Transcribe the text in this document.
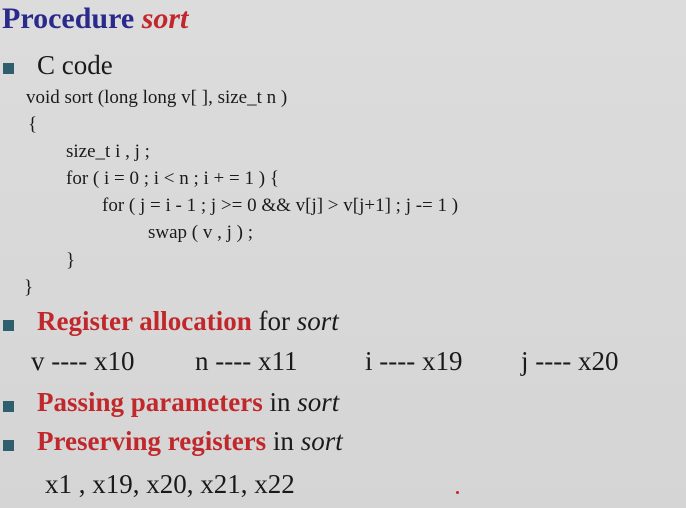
Procedure sort
C code
void sort (long long v[ ], size_t n )
{
size_t i , j ;
for ( i = 0 ; i < n ; i + = 1 ) {
for ( j = i - 1 ; j >= 0 && v[j] > v[j+1] ; j -= 1 )
swap ( v , j ) ;
}
}
Register allocation for sort
v ---- x10 n ---- x11	i ---- x19 j ---- x20
Passing parameters in sort
Preserving registers in sort
x1 , x19, x20, x21, x22
